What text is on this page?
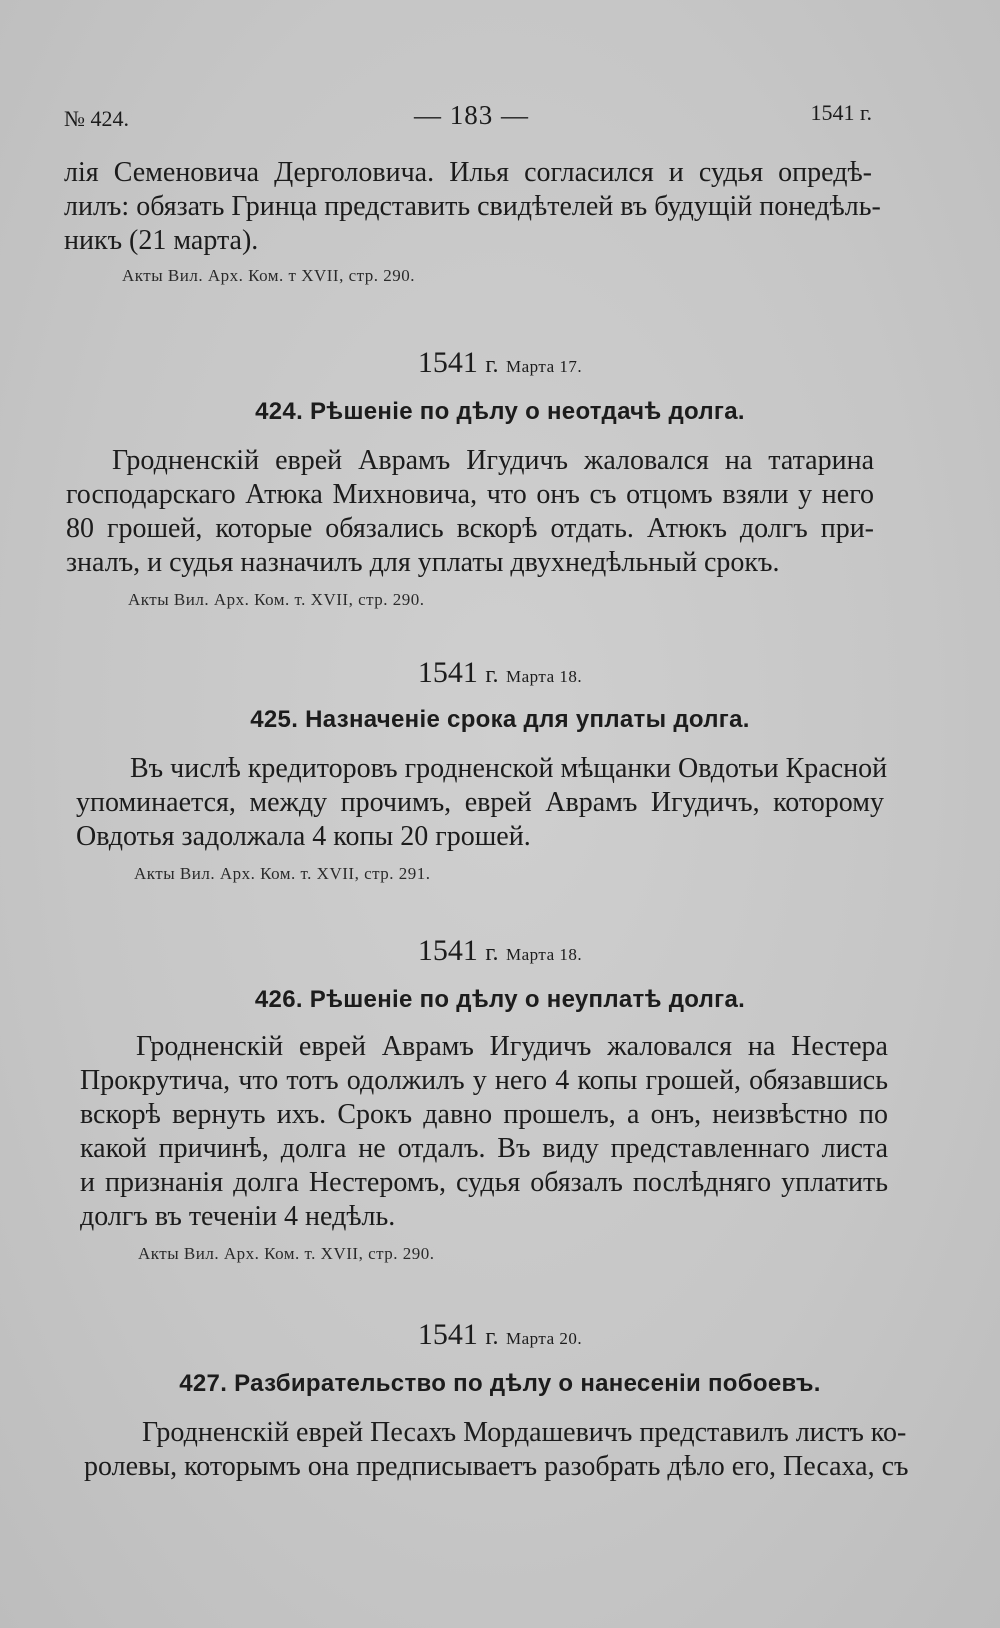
№ 424.	— 183 —	1541 г.
лія Семеновича Дерголовича. Илья согласился и судья опредѣ-
лилъ: обязать Гринца представить свидѣтелей въ будущій понедѣль-
никъ (21 марта).

Акты Вил. Арх. Ком. т XVII, стр. 290.

1541 г. Марта 17.

424. Рѣшеніе по дѣлу о неотдачѣ долга.

Гродненскій еврей Аврамъ Игудичъ жаловался на татарина
господарскаго Атюка Михновича, что онъ съ отцомъ взяли у него
80 грошей, которые обязались вскорѣ отдать. Атюкъ долгъ при-
зналъ, и судья назначилъ для уплаты двухнедѣльный срокъ.

Акты Вил. Арх. Ком. т. XVII, стр. 290.

1541 г. Марта 18.

425. Назначеніе срока для уплаты долга.

Въ числѣ кредиторовъ гродненской мѣщанки Овдотьи Красной
упоминается, между прочимъ, еврей Аврамъ Игудичъ, которому
Овдотья задолжала 4 копы 20 грошей.

Акты Вил. Арх. Ком. т. XVII, стр. 291.

1541 г. Марта 18.

426. Рѣшеніе по дѣлу о неуплатѣ долга.

Гродненскій еврей Аврамъ Игудичъ жаловался на Нестера
Прокрутича, что тотъ одолжилъ у него 4 копы грошей, обязавшись
вскорѣ вернуть ихъ. Срокъ давно прошелъ, а онъ, неизвѣстно по
какой причинѣ, долга не отдалъ. Въ виду представленнаго листа
и признанія долга Нестеромъ, судья обязалъ послѣдняго уплатить
долгъ въ теченіи 4 недѣль.

Акты Вил. Арх. Ком. т. XVII, стр. 290.

1541 г. Марта 20.

427. Разбирательство по дѣлу о нанесеніи побоевъ.

Гродненскій еврей Песахъ Мордашевичъ представилъ листъ ко-
ролевы, которымъ она предписываетъ разобрать дѣло его, Песаха, съ
